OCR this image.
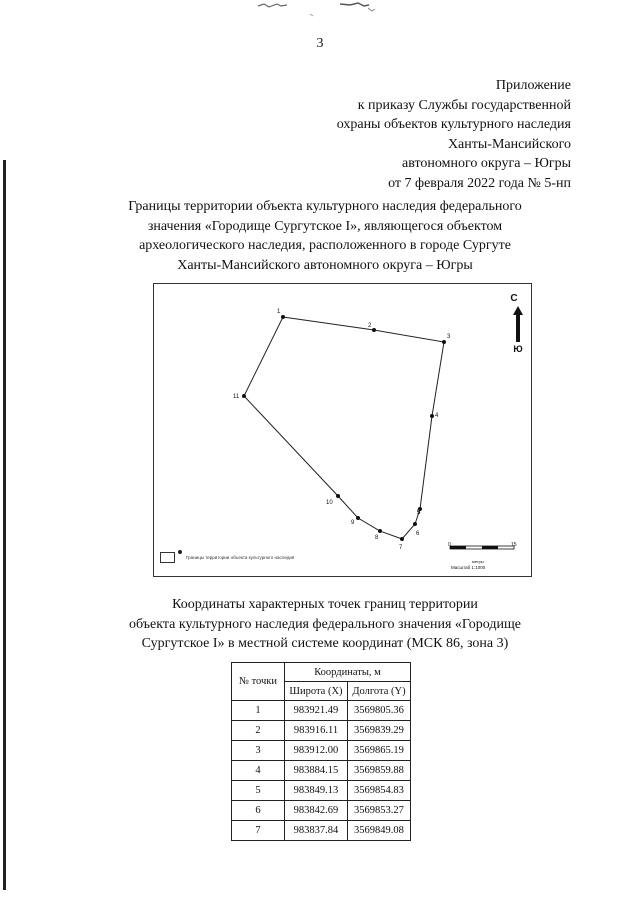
3
Приложение
к приказу Службы государственной
охраны объектов культурного наследия
Ханты-Мансийского
автономного округа – Югры
от 7 февраля 2022 года № 5-нп
Границы территории объекта культурного наследия федерального
значения «Городище Сургутское I», являющегося объектом
археологического наследия, расположенного в городе Сургуте
Ханты-Мансийского автономного округа – Югры
1
2
3
4
5
6
7
8
9
10
11
С
Ю
Границы территории объекта культурного наследия
0	15
метры
Масштаб 1:1000
Координаты характерных точек границ территории
объекта культурного наследия федерального значения «Городище
Сургутское I» в местной системе координат (МСК 86, зона 3)
№ точки	Координаты, м	
	Широта (X)	Долгота (Y)
1	983921.49	3569805.36
2	983916.11	3569839.29
3	983912.00	3569865.19
4	983884.15	3569859.88
5	983849.13	3569854.83
6	983842.69	3569853.27
7	983837.84	3569849.08
